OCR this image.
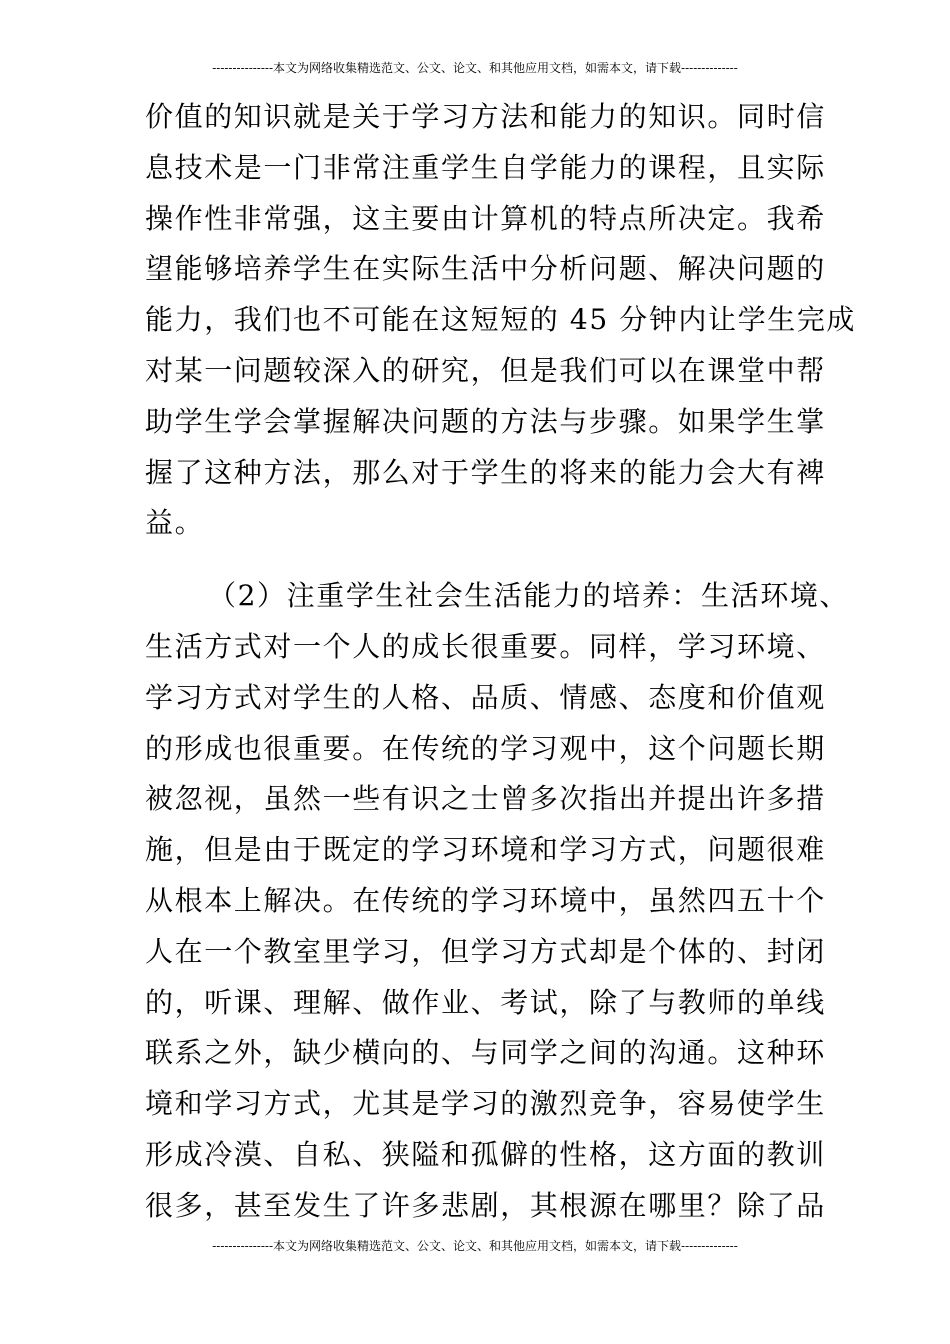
---------------本文为网络收集精选范文、公文、论文、和其他应用文档，如需本文，请下载--------------
价值的知识就是关于学习方法和能力的知识。同时信
息技术是一门非常注重学生自学能力的课程，且实际
操作性非常强，这主要由计算机的特点所决定。我希
望能够培养学生在实际生活中分析问题、解决问题的
能力，我们也不可能在这短短的 45 分钟内让学生完成
对某一问题较深入的研究，但是我们可以在课堂中帮
助学生学会掌握解决问题的方法与步骤。如果学生掌
握了这种方法，那么对于学生的将来的能力会大有裨
益。
（2）注重学生社会生活能力的培养：生活环境、
生活方式对一个人的成长很重要。同样，学习环境、
学习方式对学生的人格、品质、情感、态度和价值观
的形成也很重要。在传统的学习观中，这个问题长期
被忽视，虽然一些有识之士曾多次指出并提出许多措
施，但是由于既定的学习环境和学习方式，问题很难
从根本上解决。在传统的学习环境中，虽然四五十个
人在一个教室里学习，但学习方式却是个体的、封闭
的，听课、理解、做作业、考试，除了与教师的单线
联系之外，缺少横向的、与同学之间的沟通。这种环
境和学习方式，尤其是学习的激烈竞争，容易使学生
形成冷漠、自私、狭隘和孤僻的性格，这方面的教训
很多，甚至发生了许多悲剧，其根源在哪里？除了品
---------------本文为网络收集精选范文、公文、论文、和其他应用文档，如需本文，请下载--------------
